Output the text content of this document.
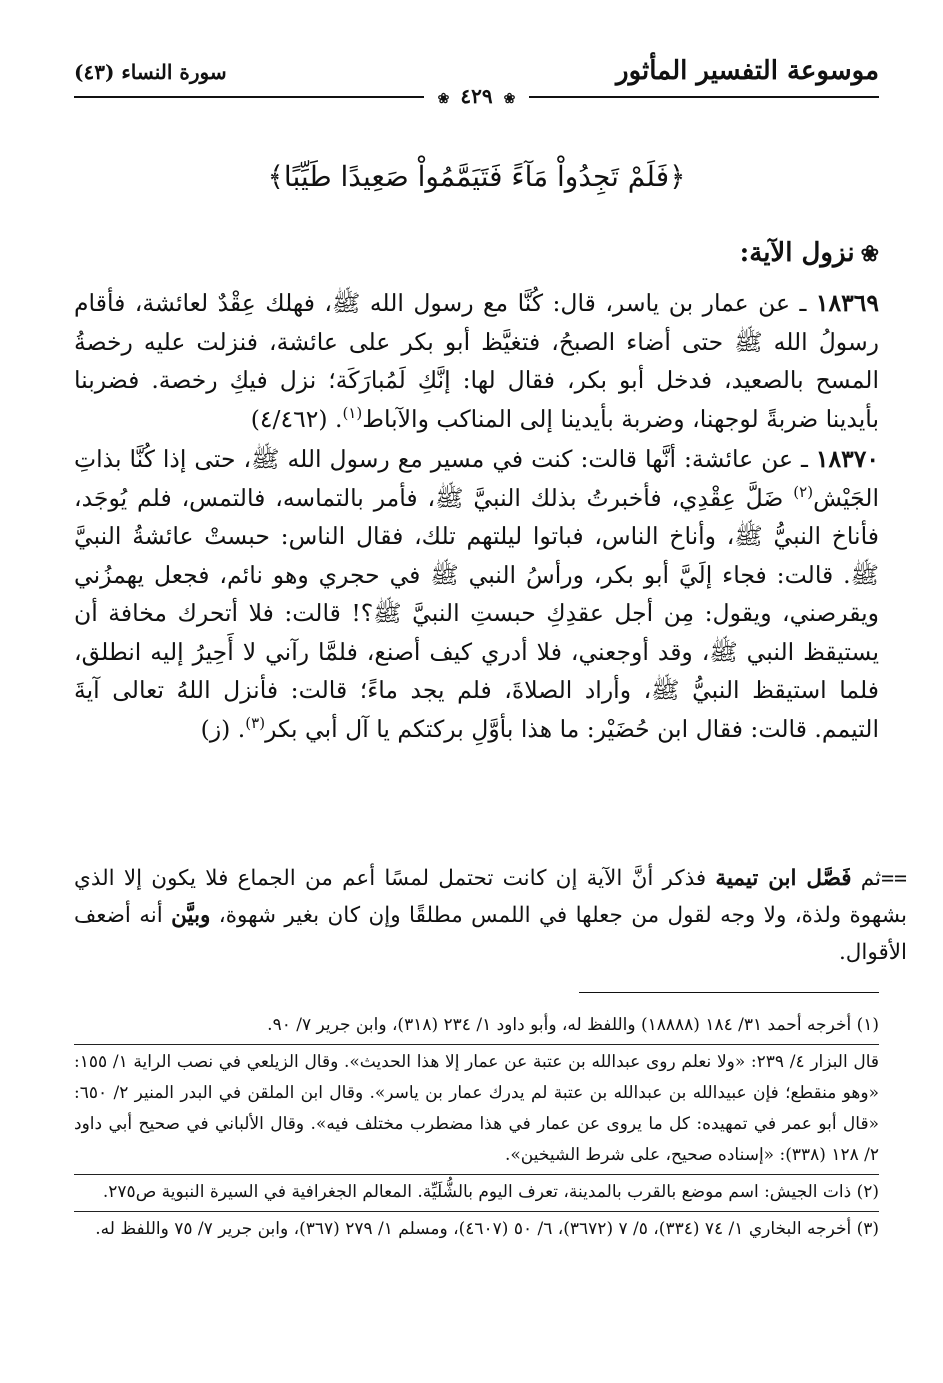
موسوعة التفسير المأثور
سورة النساء (٤٣)
❀ ٤٢٩ ❀
﴿فَلَمْ تَجِدُواْ مَآءً فَتَيَمَّمُواْ صَعِيدًا طَيِّبًا﴾
❀نزول الآية:

١٨٣٦٩ ـ عن عمار بن ياسر، قال: كُنَّا مع رسول الله ﷺ، فهلك عِقْدٌ لعائشة، فأقام رسولُ الله ﷺ حتى أضاء الصبحُ، فتغيَّظ أبو بكر على عائشة، فنزلت عليه رخصةُ المسح بالصعيد، فدخل أبو بكر، فقال لها: إنَّكِ لَمُبارَكَة؛ نزل فيكِ رخصة. فضربنا بأيدينا ضربةً لوجهنا، وضربة بأيدينا إلى المناكب والآباط$^{(١)}$. (٤/٤٦٢)

١٨٣٧٠ ـ عن عائشة: أنَّها قالت: كنت في مسير مع رسول الله ﷺ، حتى إذا كُنَّا بذاتِ الجَيْش$^{(٢)}$ ضَلَّ عِقْدِي، فأخبرتُ بذلك النبيَّ ﷺ، فأمر بالتماسه، فالتمس، فلم يُوجَد، فأناخ النبيُّ ﷺ، وأناخ الناس، فباتوا ليلتهم تلك، فقال الناس: حبستْ عائشةُ النبيَّ ﷺ. قالت: فجاء إلَيَّ أبو بكر، ورأسُ النبي ﷺ في حجري وهو نائم، فجعل يهمزُني ويقرصني، ويقول: مِن أجل عقدِكِ حبستِ النبيَّ ﷺ؟! قالت: فلا أتحرك مخافة أن يستيقظ النبي ﷺ، وقد أوجعني، فلا أدري كيف أصنع، فلمَّا رآني لا أَحِيرُ إليه انطلق، فلما استيقظ النبيُّ ﷺ، وأراد الصلاةَ، فلم يجد ماءً؛ قالت: فأنزل اللهُ تعالى آيةَ التيمم. قالت: فقال ابن حُضَيْر: ما هذا بأوَّلِ بركتكم يا آل أبي بكر$^{(٣)}$. (ز)

==ثم فَصَّل ابن تيمية فذكر أنَّ الآية إن كانت تحتمل لمسًا أعم من الجماع فلا يكون إلا الذي بشهوة ولذة، ولا وجه لقول من جعلها في اللمس مطلقًا وإن كان بغير شهوة، وبيَّن أنه أضعف الأقوال.

(١) أخرجه أحمد ٣١/ ١٨٤ (١٨٨٨٨) واللفظ له، وأبو داود ١/ ٢٣٤ (٣١٨)، وابن جرير ٧/ ٩٠.

قال البزار ٤/ ٢٣٩: «ولا نعلم روى عبدالله بن عتبة عن عمار إلا هذا الحديث». وقال الزيلعي في نصب الراية ١/ ١٥٥: «وهو منقطع؛ فإن عبيدالله بن عبدالله بن عتبة لم يدرك عمار بن ياسر». وقال ابن الملقن في البدر المنير ٢/ ٦٥٠: «قال أبو عمر في تمهيده: كل ما يروى عن عمار في هذا مضطرب مختلف فيه». وقال الألباني في صحيح أبي داود ٢/ ١٢٨ (٣٣٨): «إسناده صحيح، على شرط الشيخين».

(٢) ذات الجيش: اسم موضع بالقرب بالمدينة، تعرف اليوم بالشُّلَيِّة. المعالم الجغرافية في السيرة النبوية ص٢٧٥.

(٣) أخرجه البخاري ١/ ٧٤ (٣٣٤)، ٥/ ٧ (٣٦٧٢)، ٦/ ٥٠ (٤٦٠٧)، ومسلم ١/ ٢٧٩ (٣٦٧)، وابن جرير ٧/ ٧٥ واللفظ له.
